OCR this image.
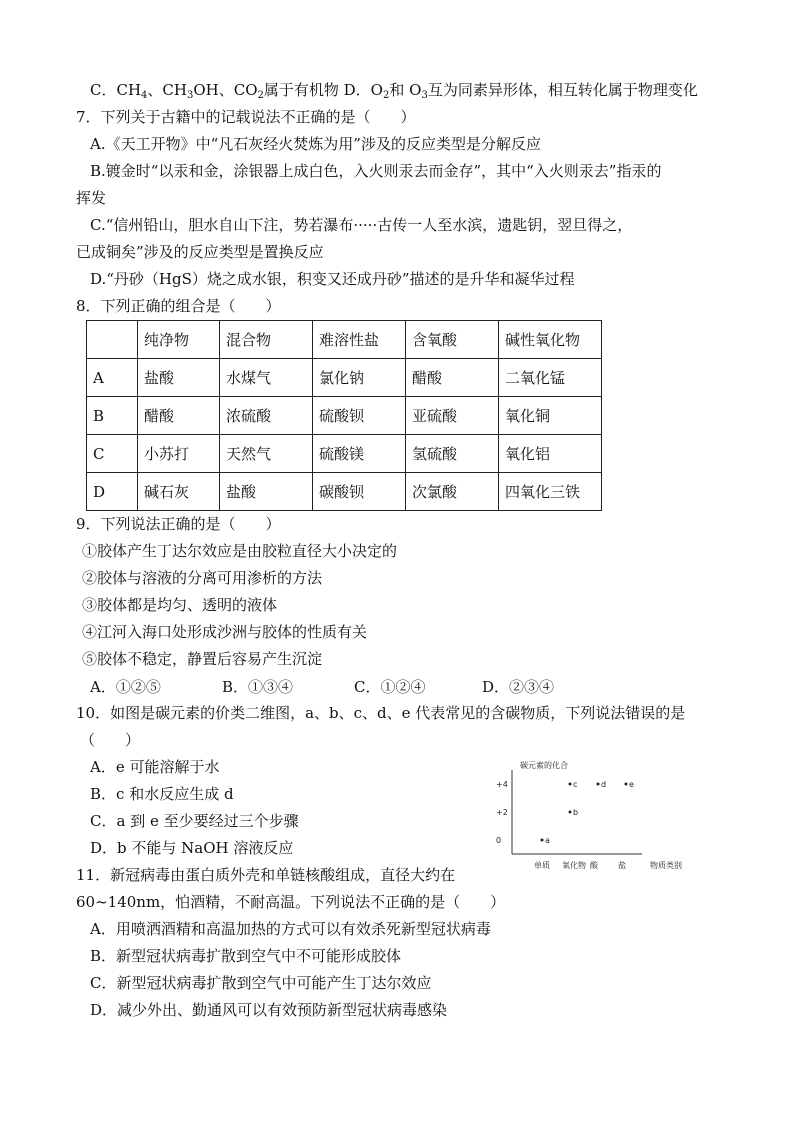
C．$CH_4$、$CH_3OH$、$CO_2$属于有机物 D．$O_2$和 $O_3$互为同素异形体，相互转化属于物理变化
7．下列关于古籍中的记载说法不正确的是（　　）
A.《天工开物》中“凡石灰经火焚炼为用”涉及的反应类型是分解反应
B.镀金时“以汞和金，涂银器上成白色，入火则汞去而金存”，其中“入火则汞去”指汞的
挥发
C.“信州铅山，胆水自山下注，势若瀑布·····古传一人至水滨，遗匙钥，翌旦得之，
已成铜矣”涉及的反应类型是置换反应
D.“丹砂（HgS）烧之成水银，积变又还成丹砂”描述的是升华和凝华过程
8．下列正确的组合是（　　）
	纯净物	混合物	难溶性盐	含氧酸	碱性氧化物
A	盐酸	水煤气	氯化钠	醋酸	二氧化锰
B	醋酸	浓硫酸	硫酸钡	亚硫酸	氧化铜
C	小苏打	天然气	硫酸镁	氢硫酸	氧化铝
D	碱石灰	盐酸	碳酸钡	次氯酸	四氧化三铁
9．下列说法正确的是（　　）
①胶体产生丁达尔效应是由胶粒直径大小决定的
②胶体与溶液的分离可用渗析的方法
③胶体都是均匀、透明的液体
④江河入海口处形成沙洲与胶体的性质有关
⑤胶体不稳定，静置后容易产生沉淀
A．①②⑤	B．①③④	C．①②④	D．②③④
10．如图是碳元素的价类二维图，a、b、c、d、e 代表常见的含碳物质，下列说法错误的是
（　　）
A．e 可能溶解于水
B．c 和水反应生成 d
C．a 到 e 至少要经过三个步骤
D．b 不能与 NaOH 溶液反应
碳元素的化合
物质类别
单质 氧化物 酸	盐
+4
+2
0	a
b
c	d	e
11．新冠病毒由蛋白质外壳和单链核酸组成，直径大约在
60~140nm，怕酒精，不耐高温。下列说法不正确的是（　　）
A．用喷洒酒精和高温加热的方式可以有效杀死新型冠状病毒
B．新型冠状病毒扩散到空气中不可能形成胶体
C．新型冠状病毒扩散到空气中可能产生丁达尔效应
D．减少外出、勤通风可以有效预防新型冠状病毒感染
